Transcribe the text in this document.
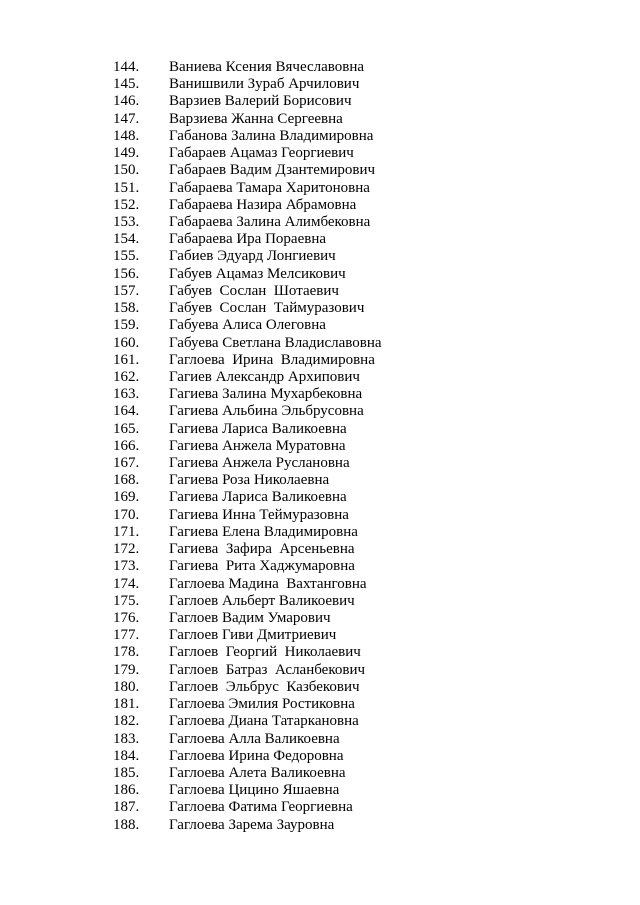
144. Ваниева Ксения Вячеславовна
145. Ванишвили Зураб Арчилович
146. Варзиев Валерий Борисович
147. Варзиева Жанна Сергеевна
148. Габанова Залина Владимировна
149. Габараев Ацамаз Георгиевич
150. Габараев Вадим Дзантемирович
151. Габараева Тамара Харитоновна
152. Габараева Назира Абрамовна
153. Габараева Залина Алимбековна
154. Габараева Ира Пораевна
155. Габиев Эдуард Лонгиевич
156. Габуев Ацамаз Мелсикович
157. Габуев  Сослан  Шотаевич
158. Габуев  Сослан  Таймуразович
159. Габуева Алиса Олеговна
160. Габуева Светлана Владиславовна
161. Гаглоева  Ирина  Владимировна
162. Гагиев Александр Архипович
163. Гагиева Залина Мухарбековна
164. Гагиева Альбина Эльбрусовна
165. Гагиева Лариса Валикоевна
166. Гагиева Анжела Муратовна
167. Гагиева Анжела Руслановна
168. Гагиева Роза Николаевна
169. Гагиева Лариса Валикоевна
170. Гагиева Инна Теймуразовна
171. Гагиева Елена Владимировна
172. Гагиева  Зафира  Арсеньевна
173. Гагиева  Рита Хаджумаровна
174. Гаглоева Мадина  Вахтанговна
175. Гаглоев Альберт Валикоевич
176. Гаглоев Вадим Умарович
177. Гаглоев Гиви Дмитриевич
178. Гаглоев  Георгий  Николаевич
179. Гаглоев  Батраз  Асланбекович
180. Гаглоев  Эльбрус  Казбекович
181. Гаглоева Эмилия Ростиковна
182. Гаглоева Диана Татаркановна
183. Гаглоева Алла Валикоевна
184. Гаглоева Ирина Федоровна
185. Гаглоева Алета Валикоевна
186. Гаглоева Цицино Яшаевна
187. Гаглоева Фатима Георгиевна
188. Гаглоева Зарема Зауровна
